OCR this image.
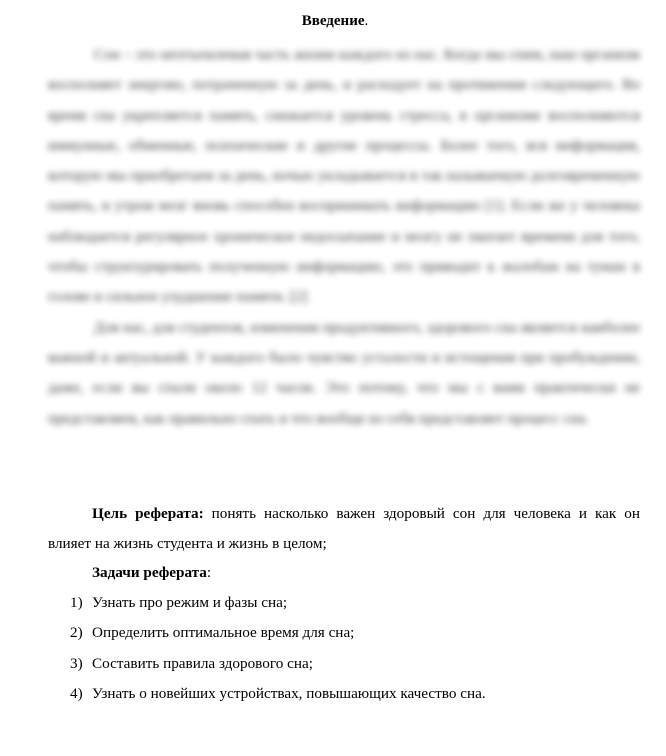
Введение.

Сон – это неотъемлемая часть жизни каждого из нас. Когда мы спим, наш организм восполняет энергию, потраченную за день, и расходует на протяжении следующего. Во время сна укрепляется память, снижается уровень стресса, в организме восполняются иммунные, обменные, психические и другие процессы. Более того, вся информация, которую мы приобретаем за день, ночью укладывается в так называемую долговременную память, и утром мозг вновь способен воспринимать информацию [1]. Если же у человека наблюдается регулярное хроническое недосыпание и мозгу не хватает времени для того, чтобы структурировать полученную информацию, это приводит к жалобам на туман в голове и сильное ухудшение памяти. [2]

Для нас, для студентов, изменения продуктивного, здорового сна является наиболее важной и актуальной. У каждого было чувство усталости и истощения при пробуждении, даже, если вы спали около 12 часов. Это потому, что мы с вами практически не представляем, как правильно спать и что вообще из себя представляет процесс сна.

Цель реферата: понять насколько важен здоровый сон для человека и как он влияет на жизнь студента и жизнь в целом;

Задачи реферата:

1) Узнать про режим и фазы сна;
2) Определить оптимальное время для сна;
3) Составить правила здорового сна;
4) Узнать о новейших устройствах, повышающих качество сна.
